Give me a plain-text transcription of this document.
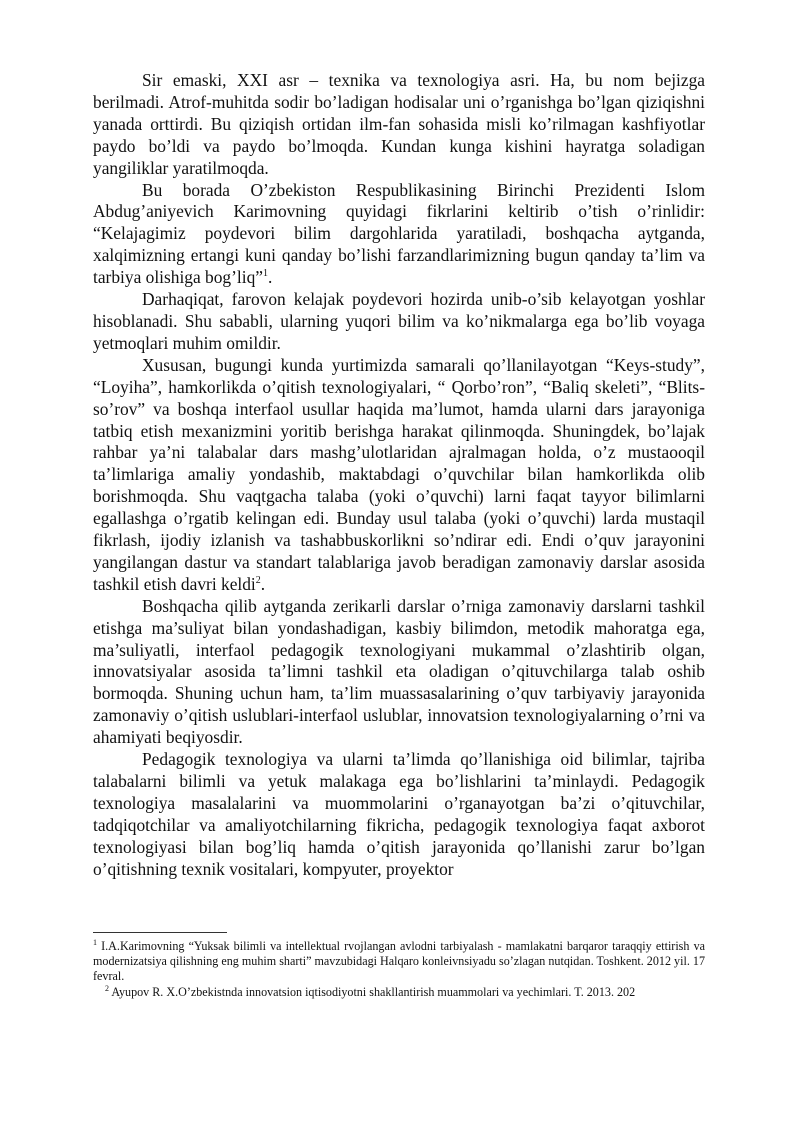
Sir emaski, XXI asr – texnika va texnologiya asri. Ha, bu nom bejizga berilmadi. Atrof-muhitda sodir bo’ladigan hodisalar uni o’rganishga bo’lgan qiziqishni yanada orttirdi. Bu qiziqish ortidan ilm-fan sohasida misli ko’rilmagan kashfiyotlar paydo bo’ldi va paydo bo’lmoqda. Kundan kunga kishini hayratga soladigan yangiliklar yaratilmoqda.

Bu borada O’zbekiston Respublikasining Birinchi Prezidenti Islom Abdug’aniyevich Karimovning quyidagi fikrlarini keltirib o’tish o’rinlidir: “Kelajagimiz poydevori bilim dargohlarida yaratiladi, boshqacha aytganda, xalqimizning ertangi kuni qanday bo’lishi farzandlarimizning bugun qanday ta’lim va tarbiya olishiga bog’liq”$^1$.

Darhaqiqat, farovon kelajak poydevori hozirda unib-o’sib kelayotgan yoshlar hisoblanadi. Shu sababli, ularning yuqori bilim va ko’nikmalarga ega bo’lib voyaga yetmoqlari muhim omildir.

Xususan, bugungi kunda yurtimizda samarali qo’llanilayotgan “Keys-study”, “Loyiha”, hamkorlikda o’qitish texnologiyalari, “ Qorbo’ron”, “Baliq skeleti”, “Blits-so’rov” va boshqa interfaol usullar haqida ma’lumot, hamda ularni dars jarayoniga tatbiq etish mexanizmini yoritib berishga harakat qilinmoqda. Shuningdek, bo’lajak rahbar ya’ni talabalar dars mashg’ulotlaridan ajralmagan holda, o’z mustaooqil ta’limlariga amaliy yondashib, maktabdagi o’quvchilar bilan hamkorlikda olib borishmoqda. Shu vaqtgacha talaba (yoki o’quvchi) larni faqat tayyor bilimlarni egallashga o’rgatib kelingan edi. Bunday usul talaba (yoki o’quvchi) larda mustaqil fikrlash, ijodiy izlanish va tashabbuskorlikni so’ndirar edi. Endi o’quv jarayonini yangilangan dastur va standart talablariga javob beradigan zamonaviy darslar asosida tashkil etish davri keldi$^2$.

Boshqacha qilib aytganda zerikarli darslar o’rniga zamonaviy darslarni tashkil etishga ma’suliyat bilan yondashadigan, kasbiy bilimdon, metodik mahoratga ega, ma’suliyatli, interfaol pedagogik texnologiyani mukammal o’zlashtirib olgan, innovatsiyalar asosida ta’limni tashkil eta oladigan o’qituvchilarga talab oshib bormoqda. Shuning uchun ham, ta’lim muassasalarining o’quv tarbiyaviy jarayonida zamonaviy o’qitish uslublari-interfaol uslublar, innovatsion texnologiyalarning o’rni va ahamiyati beqiyosdir.

Pedagogik texnologiya va ularni ta’limda qo’llanishiga oid bilimlar, tajriba talabalarni bilimli va yetuk malakaga ega bo’lishlarini ta’minlaydi. Pedagogik texnologiya masalalarini va muommolarini o’rganayotgan ba’zi o’qituvchilar, tadqiqotchilar va amaliyotchilarning fikricha, pedagogik texnologiya faqat axborot texnologiyasi bilan bog’liq hamda o’qitish jarayonida qo’llanishi zarur bo’lgan o’qitishning texnik vositalari, kompyuter, proyektor

$^1$ I.A.Karimovning “Yuksak bilimli va intellektual rvojlangan avlodni tarbiyalash - mamlakatni barqaror taraqqiy ettirish va modernizatsiya qilishning eng muhim sharti” mavzubidagi Halqaro konleivnsiyadu so’zlagan nutqidan. Toshkent. 2012 yil. 17 fevral.

$^2$ Ayupov R. X.O’zbekistnda innovatsion iqtisodiyotni shakllantirish muammolari va yechimlari. T. 2013. 202
